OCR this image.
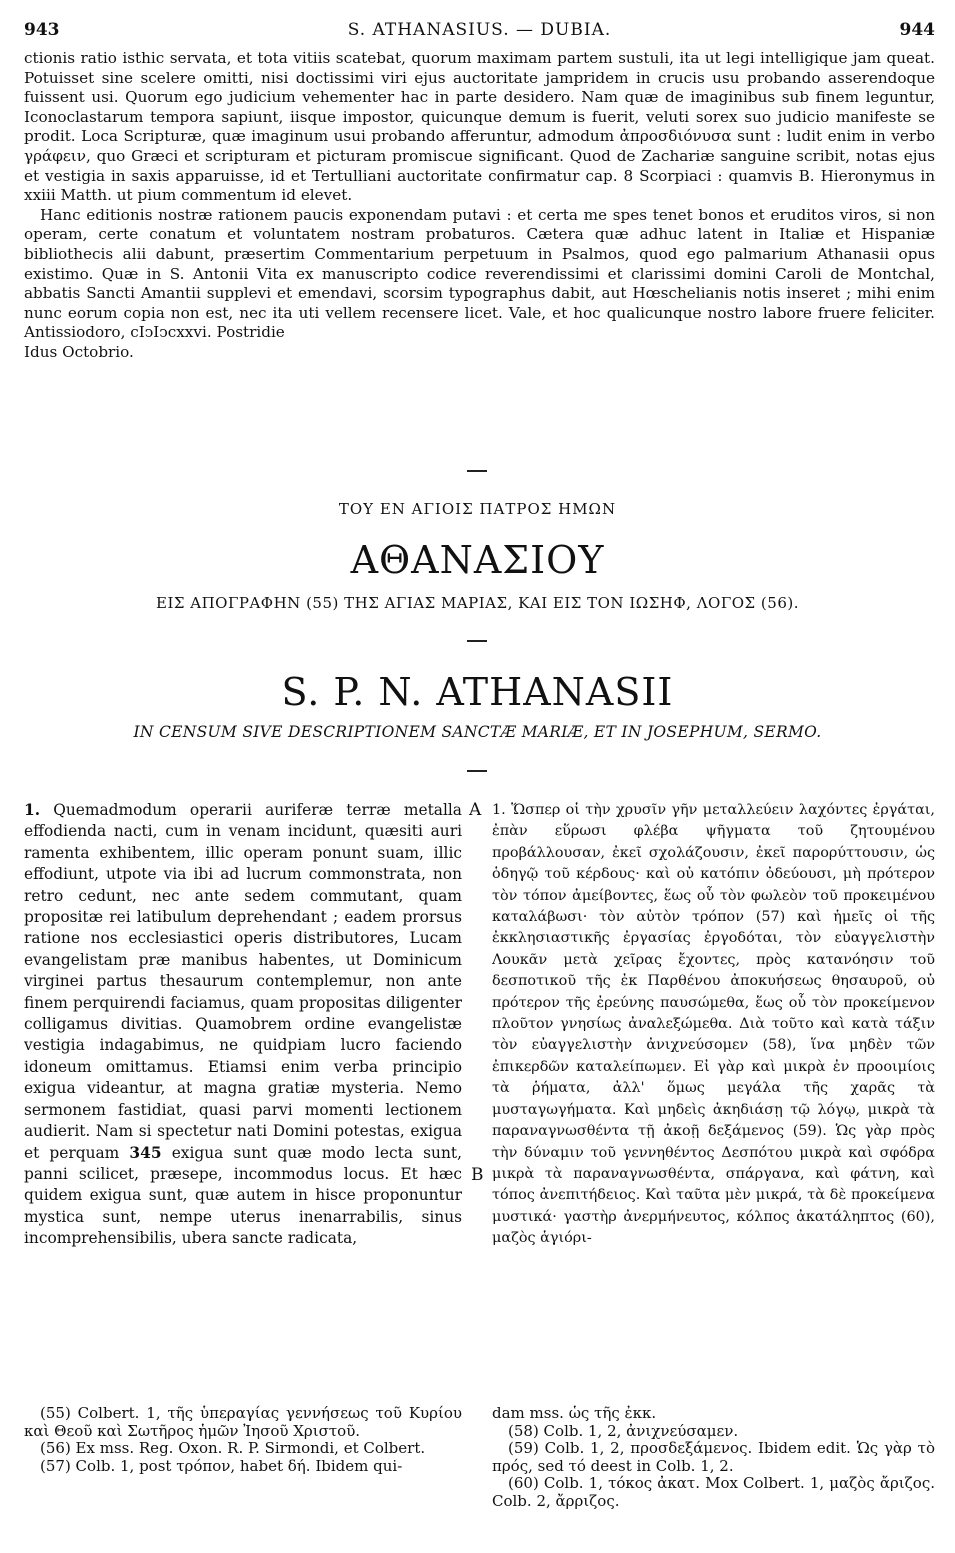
943	S. ATHANASIUS. — DUBIA.	944

ctionis ratio isthic servata, et tota vitiis scatebat, quorum maximam partem sustuli, ita ut legi intelligique jam queat. Potuisset sine scelere omitti, nisi doctissimi viri ejus auctoritate jampridem in crucis usu probando asserendoque fuissent usi. Quorum ego judicium vehementer hac in parte desidero. Nam quæ de imaginibus sub finem leguntur, Iconoclastarum tempora sapiunt, iisque impostor, quicunque demum is fuerit, veluti sorex suo judicio manifeste se prodit. Loca Scripturæ, quæ imaginum usui probando afferuntur, admodum ἀπροσδιόνυσα sunt : ludit enim in verbo γράφειν, quo Græci et scripturam et picturam promiscue significant. Quod de Zachariæ sanguine scribit, notas ejus et vestigia in saxis apparuisse, id et Tertulliani auctoritate confirmatur cap. 8 Scorpiaci : quamvis B. Hieronymus in xxiii Matth. ut pium commentum id elevet.

Hanc editionis nostræ rationem paucis exponendam putavi : et certa me spes tenet bonos et eruditos viros, si non operam, certe conatum et voluntatem nostram probaturos. Cætera quæ adhuc latent in Italiæ et Hispaniæ bibliothecis alii dabunt, præsertim Commentarium perpetuum in Psalmos, quod ego palmarium Athanasii opus existimo. Quæ in S. Antonii Vita ex manuscripto codice reverendissimi et clarissimi domini Caroli de Montchal, abbatis Sancti Amantii supplevi et emendavi, scorsim typographus dabit, aut Hœschelianis notis inseret ; mihi enim nunc eorum copia non est, nec ita uti vellem recensere licet. Vale, et hoc qualicunque nostro labore fruere feliciter. Antissiodoro, cIↄIↄcxxvi. Postridie

Idus Octobrio.

ΤΟΥ ΕΝ ΑΓΙΟΙΣ ΠΑΤΡΟΣ ΗΜΩΝ
ΑΘΑΝΑΣΙΟΥ
ΕΙΣ ΑΠΟΓΡΑΦΗΝ (55) ΤΗΣ ΑΓΙΑΣ ΜΑΡΙΑΣ, ΚΑΙ ΕΙΣ ΤΟΝ ΙΩΣΗΦ, ΛΟΓΟΣ (56).
S. P. N. ATHANASII
IN CENSUM SIVE DESCRIPTIONEM SANCTÆ MARIÆ, ET IN JOSEPHUM, SERMO.

1. Quemadmodum operarii auriferæ terræ metalla effodienda nacti, cum in venam incidunt, quæsiti auri ramenta exhibentem, illic operam ponunt suam, illic effodiunt, utpote via ibi ad lucrum commonstrata, non retro cedunt, nec ante sedem commutant, quam propositæ rei latibulum deprehendant ; eadem prorsus ratione nos ecclesiastici operis distributores, Lucam evangelistam præ manibus habentes, ut Dominicum virginei partus thesaurum contemplemur, non ante finem perquirendi faciamus, quam propositas diligenter colligamus divitias. Quamobrem ordine evangelistæ vestigia indagabimus, ne quidpiam lucro faciendo idoneum omittamus. Etiamsi enim verba principio exigua videantur, at magna gratiæ mysteria. Nemo sermonem fastidiat, quasi parvi momenti lectionem audierit. Nam si spectetur nati Domini potestas, exigua et perquam 345 exigua sunt quæ modo lecta sunt, panni scilicet, præsepe, incommodus locus. Et hæc quidem exigua sunt, quæ autem in hisce proponuntur mystica sunt, nempe uterus inenarrabilis, sinus incomprehensibilis, ubera sancte radicata,

A
B

1. Ὥσπερ οἱ τὴν χρυσῖν γῆν μεταλλεύειν λαχόντες ἐργάται, ἐπὰν εὕρωσι φλέβα ψῆγματα τοῦ ζητουμένου προβάλλουσαν, ἐκεῖ σχολάζουσιν, ἐκεῖ παρορύττουσιν, ὡς ὁδηγῷ τοῦ κέρδους· καὶ οὐ κατόπιν ὀδεύουσι, μὴ πρότερον τὸν τόπον ἀμείβοντες, ἕως οὗ τὸν φωλεὸν τοῦ προκειμένου καταλάβωσι· τὸν αὐτὸν τρόπον (57) καὶ ἡμεῖς οἱ τῆς ἐκκλησιαστικῆς ἐργασίας ἐργοδόται, τὸν εὐαγγελιστὴν Λουκᾶν μετὰ χεῖρας ἔχοντες, πρὸς κατανόησιν τοῦ δεσποτικοῦ τῆς ἐκ Παρθένου ἀποκυήσεως θησαυροῦ, οὐ πρότερον τῆς ἐρεύνης παυσώμεθα, ἕως οὗ τὸν προκείμενον πλοῦτον γνησίως ἀναλεξώμεθα. Διὰ τοῦτο καὶ κατὰ τάξιν τὸν εὐαγγελιστὴν ἀνιχνεύσομεν (58), ἵνα μηδὲν τῶν ἐπικερδῶν καταλείπωμεν. Εἰ γὰρ καὶ μικρὰ ἐν προοιμίοις τὰ ῥήματα, ἀλλ' ὅμως μεγάλα τῆς χαρᾶς τὰ μυσταγωγήματα. Καὶ μηδεὶς ἀκηδιάσῃ τῷ λόγῳ, μικρὰ τὰ παραναγνωσθέντα τῇ ἀκοῇ δεξάμενος (59). Ὡς γὰρ πρὸς τὴν δύναμιν τοῦ γεννηθέντος Δεσπότου μικρὰ καὶ σφόδρα μικρὰ τὰ παραναγνωσθέντα, σπάργανα, καὶ φάτνη, καὶ τόπος ἀνεπιτήδειος. Καὶ ταῦτα μὲν μικρά, τὰ δὲ προκείμενα μυστικά· γαστὴρ ἀνερμήνευτος, κόλπος ἀκατάληπτος (60), μαζὸς ἁγιόρι-

(55) Colbert. 1, τῆς ὑπεραγίας γεννήσεως τοῦ Κυρίου καὶ Θεοῦ καὶ Σωτῆρος ἡμῶν Ἰησοῦ Χριστοῦ.

(56) Ex mss. Reg. Oxon. R. P. Sirmondi, et Colbert.

(57) Colb. 1, post τρόπον, habet δή. Ibidem qui-

dam mss. ὡς τῆς ἐκκ.

(58) Colb. 1, 2, ἀνιχνεύσαμεν.

(59) Colb. 1, 2, προσδεξάμενος. Ibidem edit. Ὡς γὰρ τὸ πρός, sed τό deest in Colb. 1, 2.

(60) Colb. 1, τόκος ἀκατ. Mox Colbert. 1, μαζὸς ἄριζος. Colb. 2, ἄρριζος.
